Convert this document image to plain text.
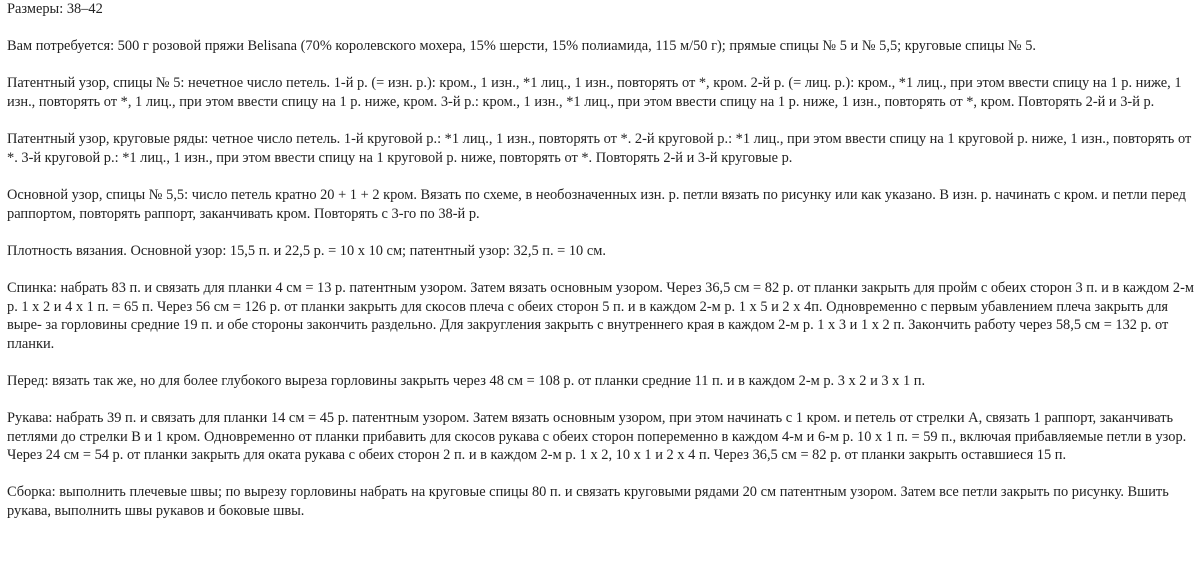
Размеры: 38–42

Вам потребуется: 500 г розовой пряжи Belisana (70% королевского мохера, 15% шерсти, 15% полиамида, 115 м/50 г); прямые спицы № 5 и № 5,5; круговые спицы № 5.

Патентный узор, спицы № 5: нечетное число петель. 1-й р. (= изн. р.): кром., 1 изн., *1 лиц., 1 изн., повторять от *, кром. 2-й р. (= лиц. р.): кром., *1 лиц., при этом ввести спицу на 1 р. ниже, 1 изн., повторять от *, 1 лиц., при этом ввести спицу на 1 р. ниже, кром. 3-й р.: кром., 1 изн., *1 лиц., при этом ввести спицу на 1 р. ниже, 1 изн., повторять от *, кром. Повторять 2-й и 3-й р.

Патентный узор, круговые ряды: четное число петель. 1-й круговой р.: *1 лиц., 1 изн., повторять от *. 2-й круговой р.: *1 лиц., при этом ввести спицу на 1 круговой р. ниже, 1 изн., повторять от *. 3-й круговой р.: *1 лиц., 1 изн., при этом ввести спицу на 1 круговой р. ниже, повторять от *. Повторять 2-й и 3-й круговые р.

Основной узор, спицы № 5,5: число петель кратно 20 + 1 + 2 кром. Вязать по схеме, в необозначенных изн. р. петли вязать по рисунку или как указано. В изн. р. начинать с кром. и петли перед раппортом, повторять раппорт, заканчивать кром. Повторять с 3-го по 38-й р.

Плотность вязания. Основной узор: 15,5 п. и 22,5 р. = 10 х 10 см; патентный узор: 32,5 п. = 10 см.

Спинка: набрать 83 п. и связать для планки 4 см = 13 р. патентным узором. Затем вязать основным узором. Через 36,5 см = 82 р. от планки закрыть для пройм с обеих сторон 3 п. и в каждом 2-м р. 1 х 2 и 4 х 1 п. = 65 п. Через 56 см = 126 р. от планки закрыть для скосов плеча с обеих сторон 5 п. и в каждом 2-м р. 1 х 5 и 2 х 4п. Одновременно с первым убавлением плеча закрыть для выре- за горловины средние 19 п. и обе стороны закончить раздельно. Для закругления закрыть с внутреннего края в каждом 2-м р. 1 х 3 и 1 х 2 п. Закончить работу через 58,5 см = 132 р. от планки.

Перед: вязать так же, но для более глубокого выреза горловины закрыть через 48 см = 108 р. от планки средние 11 п. и в каждом 2-м р. 3 х 2 и 3 х 1 п.

Рукава: набрать 39 п. и связать для планки 14 см = 45 р. патентным узором. Затем вязать основным узором, при этом начинать с 1 кром. и петель от стрелки А, связать 1 раппорт, заканчивать петлями до стрелки В и 1 кром. Одновременно от планки прибавить для скосов рукава с обеих сторон попеременно в каждом 4-м и 6-м р. 10 х 1 п. = 59 п., включая прибавляемые петли в узор. Через 24 см = 54 р. от планки закрыть для оката рукава с обеих сторон 2 п. и в каждом 2-м р. 1 х 2, 10 х 1 и 2 х 4 п. Через 36,5 см = 82 р. от планки закрыть оставшиеся 15 п.

Сборка: выполнить плечевые швы; по вырезу горловины набрать на круговые спицы 80 п. и связать круговыми рядами 20 см патентным узором. Затем все петли закрыть по рисунку. Вшить рукава, выполнить швы рукавов и боковые швы.
